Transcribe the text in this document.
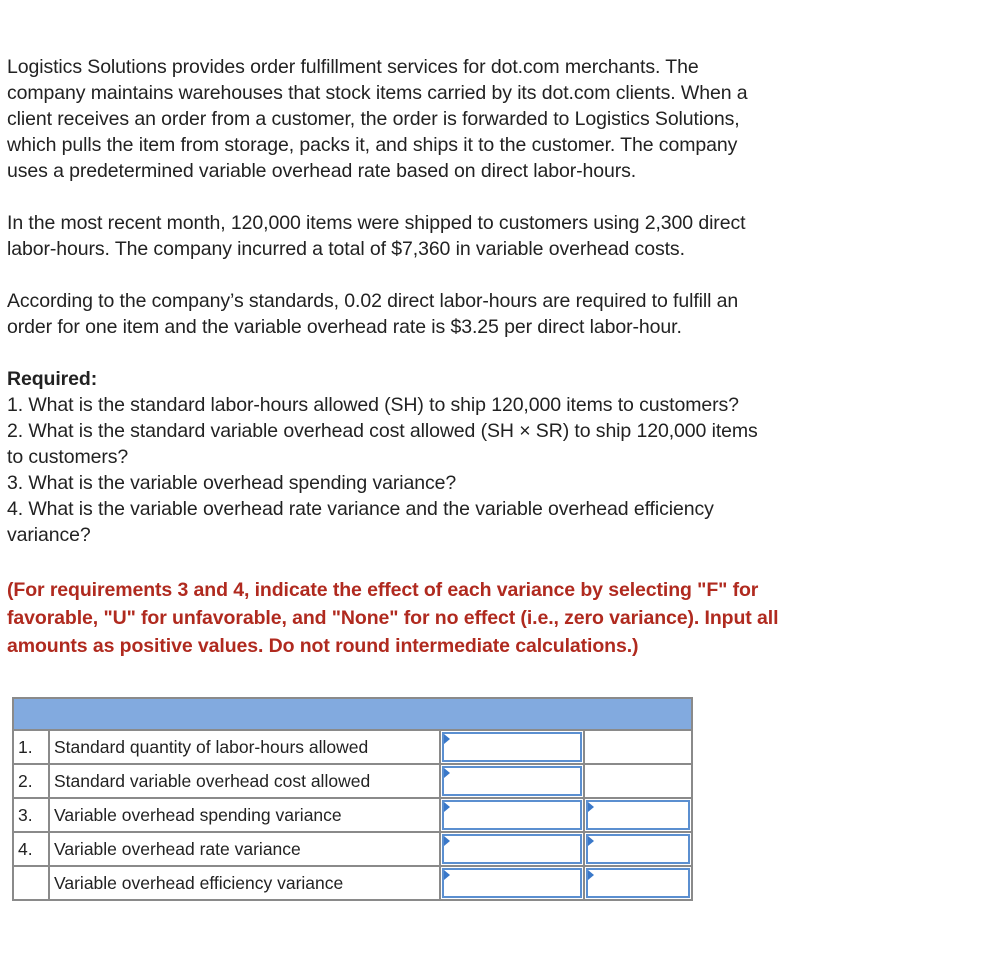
Logistics Solutions provides order fulfillment services for dot.com merchants. The
company maintains warehouses that stock items carried by its dot.com clients. When a
client receives an order from a customer, the order is forwarded to Logistics Solutions,
which pulls the item from storage, packs it, and ships it to the customer. The company
uses a predetermined variable overhead rate based on direct labor-hours.
In the most recent month, 120,000 items were shipped to customers using 2,300 direct
labor-hours. The company incurred a total of $7,360 in variable overhead costs.
According to the company’s standards, 0.02 direct labor-hours are required to fulfill an
order for one item and the variable overhead rate is $3.25 per direct labor-hour.
Required:
1. What is the standard labor-hours allowed (SH) to ship 120,000 items to customers?
2. What is the standard variable overhead cost allowed (SH × SR) to ship 120,000 items
to customers?
3. What is the variable overhead spending variance?
4. What is the variable overhead rate variance and the variable overhead efficiency
variance?
(For requirements 3 and 4, indicate the effect of each variance by selecting "F" for
favorable, "U" for unfavorable, and "None" for no effect (i.e., zero variance). Input all
amounts as positive values. Do not round intermediate calculations.)

1.	Standard quantity of labor-hours allowed	

2.	Standard variable overhead cost allowed	

3.	Variable overhead spending variance	

4.	Variable overhead rate variance	

	Variable overhead efficiency variance	
